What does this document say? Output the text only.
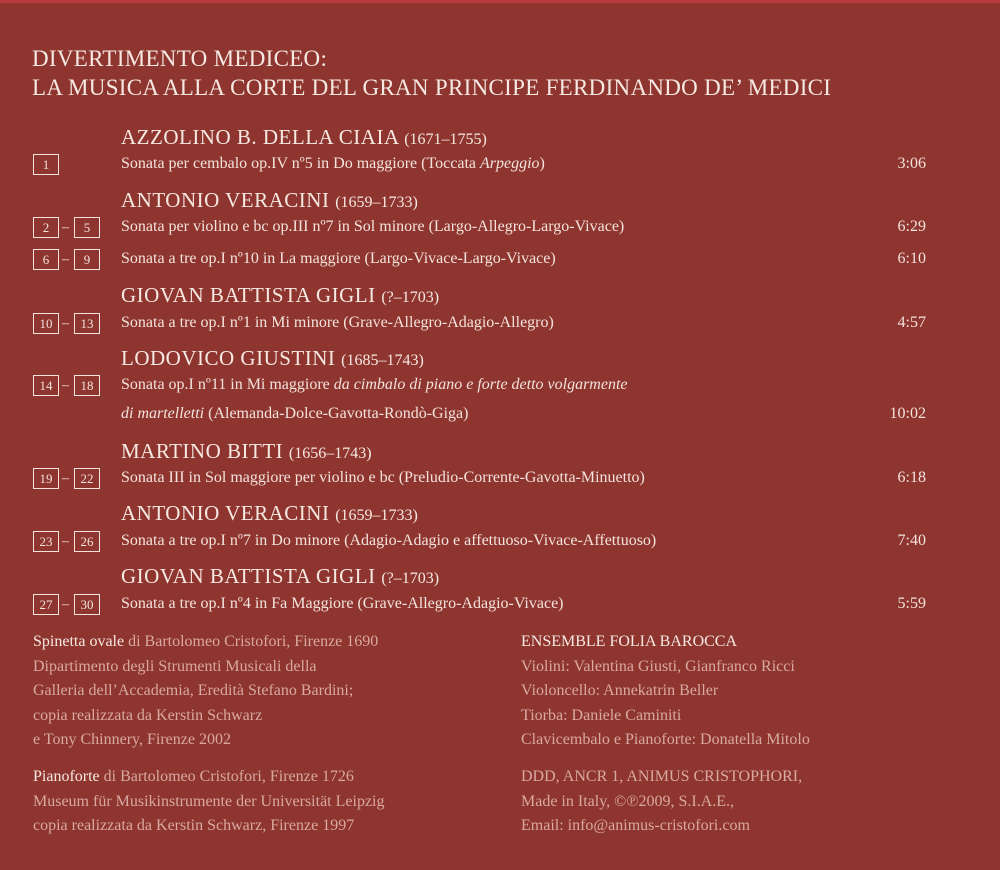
DIVERTIMENTO MEDICEO:
LA MUSICA ALLA CORTE DEL GRAN PRINCIPE FERDINANDO DE’ MEDICI
AZZOLINO B. DELLA CIAIA (1671–1755)
1	Sonata per cembalo op.IV nº5 in Do maggiore (Toccata Arpeggio)	3:06
ANTONIO VERACINI (1659–1733)
2 –	5	Sonata per violino e bc op.III nº7 in Sol minore (Largo-Allegro-Largo-Vivace)	6:29
6 –	9	Sonata a tre op.I nº10 in La maggiore (Largo-Vivace-Largo-Vivace)	6:10
GIOVAN BATTISTA GIGLI (?–1703)
10 – 13	Sonata a tre op.I nº1 in Mi minore (Grave-Allegro-Adagio-Allegro)	4:57
LODOVICO GIUSTINI (1685–1743)
14 – 18	Sonata op.I nº11 in Mi maggiore da cimbalo di piano e forte detto volgarmente
di martelletti (Alemanda-Dolce-Gavotta-Rondò-Giga)	10:02
MARTINO BITTI (1656–1743)
19 – 22	Sonata III in Sol maggiore per violino e bc (Preludio-Corrente-Gavotta-Minuetto)	6:18
ANTONIO VERACINI (1659–1733)
23 – 26	Sonata a tre op.I nº7 in Do minore (Adagio-Adagio e affettuoso-Vivace-Affettuoso)	7:40
GIOVAN BATTISTA GIGLI (?–1703)
27 – 30	Sonata a tre op.I nº4 in Fa Maggiore (Grave-Allegro-Adagio-Vivace)	5:59
Spinetta ovale di Bartolomeo Cristofori, Firenze 1690
Dipartimento degli Strumenti Musicali della
Galleria dell’Accademia, Eredità Stefano Bardini;
copia realizzata da Kerstin Schwarz
e Tony Chinnery, Firenze 2002
Pianoforte di Bartolomeo Cristofori, Firenze 1726
Museum für Musikinstrumente der Universität Leipzig
copia realizzata da Kerstin Schwarz, Firenze 1997
ENSEMBLE FOLIA BAROCCA
Violini: Valentina Giusti, Gianfranco Ricci
Violoncello: Annekatrin Beller
Tiorba: Daniele Caminiti
Clavicembalo e Pianoforte: Donatella Mitolo
DDD, ANCR 1, ANIMUS CRISTOPHORI,
Made in Italy, ©℗2009, S.I.A.E.,
Email: info@animus-cristofori.com
